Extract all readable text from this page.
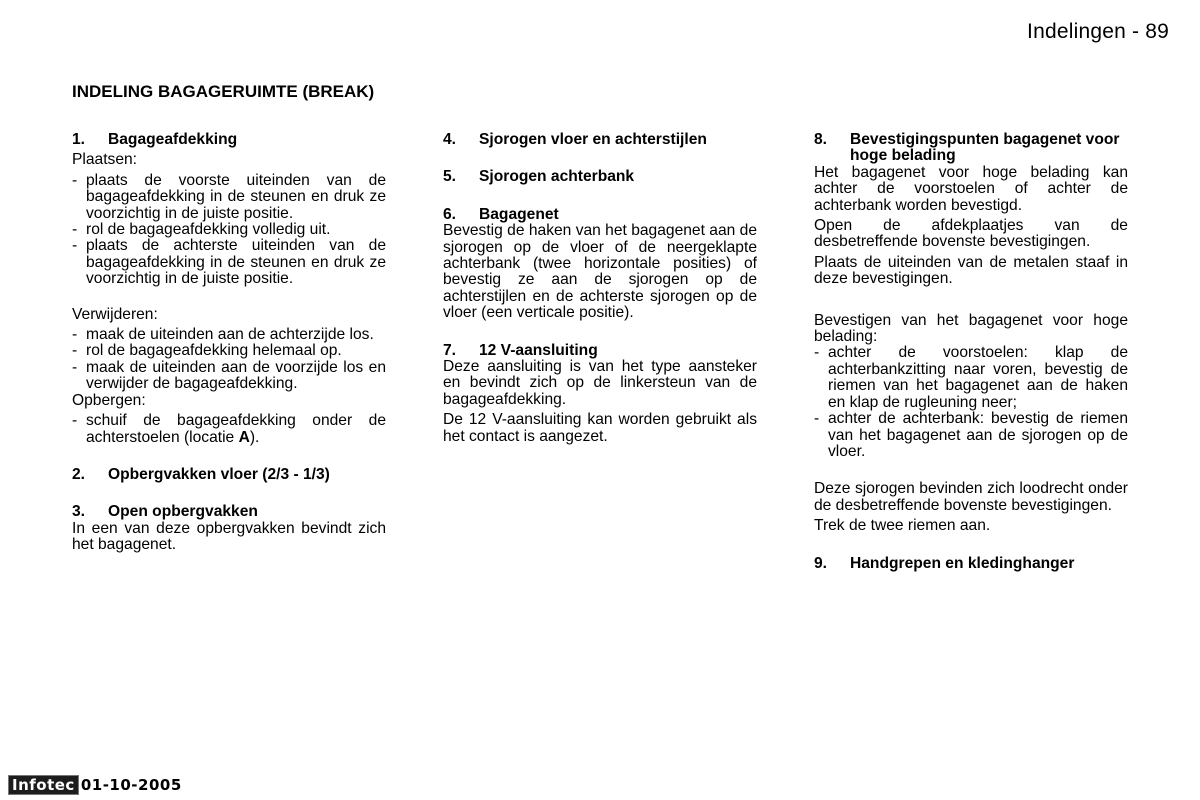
Indelingen - 89
INDELING BAGAGERUIMTE (BREAK)
1.	Bagageafdekking

Plaatsen:

- plaats de voorste uiteinden van de bagageafdekking in de steunen en druk ze voorzichtig in de juiste positie.
- rol de bagageafdekking volledig uit.
- plaats de achterste uiteinden van de bagageafdekking in de steunen en druk ze voorzichtig in de juiste positie.

Verwijderen:

- maak de uiteinden aan de achterzijde los.
- rol de bagageafdekking helemaal op.
- maak de uiteinden aan de voorzijde los en verwijder de bagageafdekking.

Opbergen:

- schuif de bagageafdekking onder de achterstoelen (locatie A).
2.	Opbergvakken vloer (2/3 - 1/3)
3.	Open opbergvakken

In een van deze opbergvakken bevindt zich het bagagenet.

4.	Sjorogen vloer en achterstijlen
5.	Sjorogen achterbank
6.	Bagagenet

Bevestig de haken van het bagagenet aan de sjorogen op de vloer of de neergeklapte achterbank (twee horizontale posities) of bevestig ze aan de sjorogen op de achterstijlen en de achterste sjorogen op de vloer (een verticale positie).

7.	12 V-aansluiting

Deze aansluiting is van het type aansteker en bevindt zich op de linkersteun van de bagageafdekking.

De 12 V-aansluiting kan worden gebruikt als het contact is aangezet.

8.	Bevestigingspunten bagagenet voor hoge belading

Het bagagenet voor hoge belading kan achter de voorstoelen of achter de achterbank worden bevestigd.

Open de afdekplaatjes van de desbetreffende bovenste bevestigingen.

Plaats de uiteinden van de metalen staaf in deze bevestigingen.

Bevestigen van het bagagenet voor hoge belading:

- achter de voorstoelen: klap de achterbankzitting naar voren, bevestig de riemen van het bagagenet aan de haken en klap de rugleuning neer;
- achter de achterbank: bevestig de riemen van het bagagenet aan de sjorogen op de vloer.

Deze sjorogen bevinden zich loodrecht onder de desbetreffende bovenste bevestigingen.

Trek de twee riemen aan.

9.	Handgrepen en kledinghanger
Infotec 01-10-2005
